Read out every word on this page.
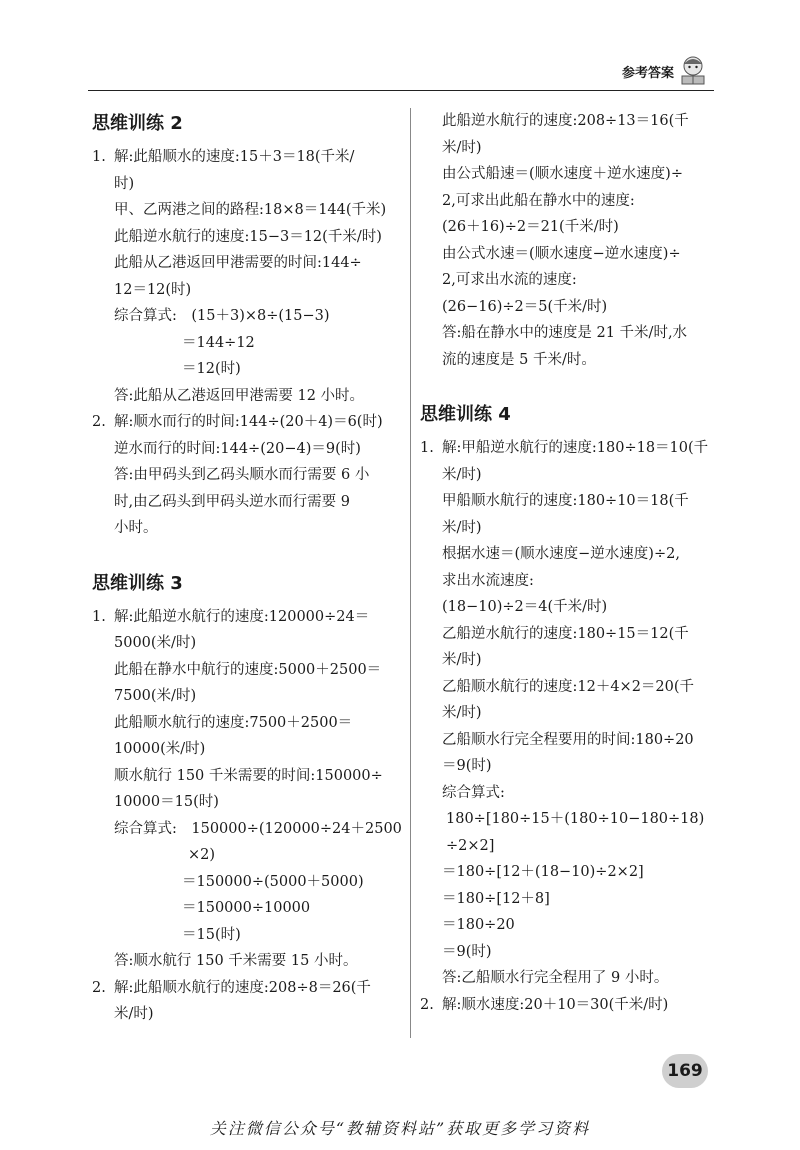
参考答案
思维训练 2
1. 解:此船顺水的速度:15＋3＝18(千米/
时)
甲、乙两港之间的路程:18×8＝144(千米)
此船逆水航行的速度:15−3＝12(千米/时)
此船从乙港返回甲港需要的时间:144÷
12＝12(时)
综合算式:　(15＋3)×8÷(15−3)
＝144÷12
＝12(时)
答:此船从乙港返回甲港需要 12 小时。
2. 解:顺水而行的时间:144÷(20＋4)＝6(时)
逆水而行的时间:144÷(20−4)＝9(时)
答:由甲码头到乙码头顺水而行需要 6 小
时,由乙码头到甲码头逆水而行需要 9
小时。
思维训练 3
1. 解:此船逆水航行的速度:120000÷24＝
5000(米/时)
此船在静水中航行的速度:5000＋2500＝
7500(米/时)
此船顺水航行的速度:7500＋2500＝
10000(米/时)
顺水航行 150 千米需要的时间:150000÷
10000＝15(时)
综合算式:　150000÷(120000÷24＋2500
×2)
＝150000÷(5000＋5000)
＝150000÷10000
＝15(时)
答:顺水航行 150 千米需要 15 小时。
2. 解:此船顺水航行的速度:208÷8＝26(千
米/时)
此船逆水航行的速度:208÷13＝16(千
米/时)
由公式船速＝(顺水速度＋逆水速度)÷
2,可求出此船在静水中的速度:
(26＋16)÷2＝21(千米/时)
由公式水速＝(顺水速度−逆水速度)÷
2,可求出水流的速度:
(26−16)÷2＝5(千米/时)
答:船在静水中的速度是 21 千米/时,水
流的速度是 5 千米/时。
思维训练 4
1. 解:甲船逆水航行的速度:180÷18＝10(千
米/时)
甲船顺水航行的速度:180÷10＝18(千
米/时)
根据水速＝(顺水速度−逆水速度)÷2,
求出水流速度:
(18−10)÷2＝4(千米/时)
乙船逆水航行的速度:180÷15＝12(千
米/时)
乙船顺水航行的速度:12＋4×2＝20(千
米/时)
乙船顺水行完全程要用的时间:180÷20
＝9(时)
综合算式:
180÷[180÷15＋(180÷10−180÷18)
÷2×2]
＝180÷[12＋(18−10)÷2×2]
＝180÷[12＋8]
＝180÷20
＝9(时)
答:乙船顺水行完全程用了 9 小时。
2. 解:顺水速度:20＋10＝30(千米/时)
169
关注微信公众号“教辅资料站”获取更多学习资料
